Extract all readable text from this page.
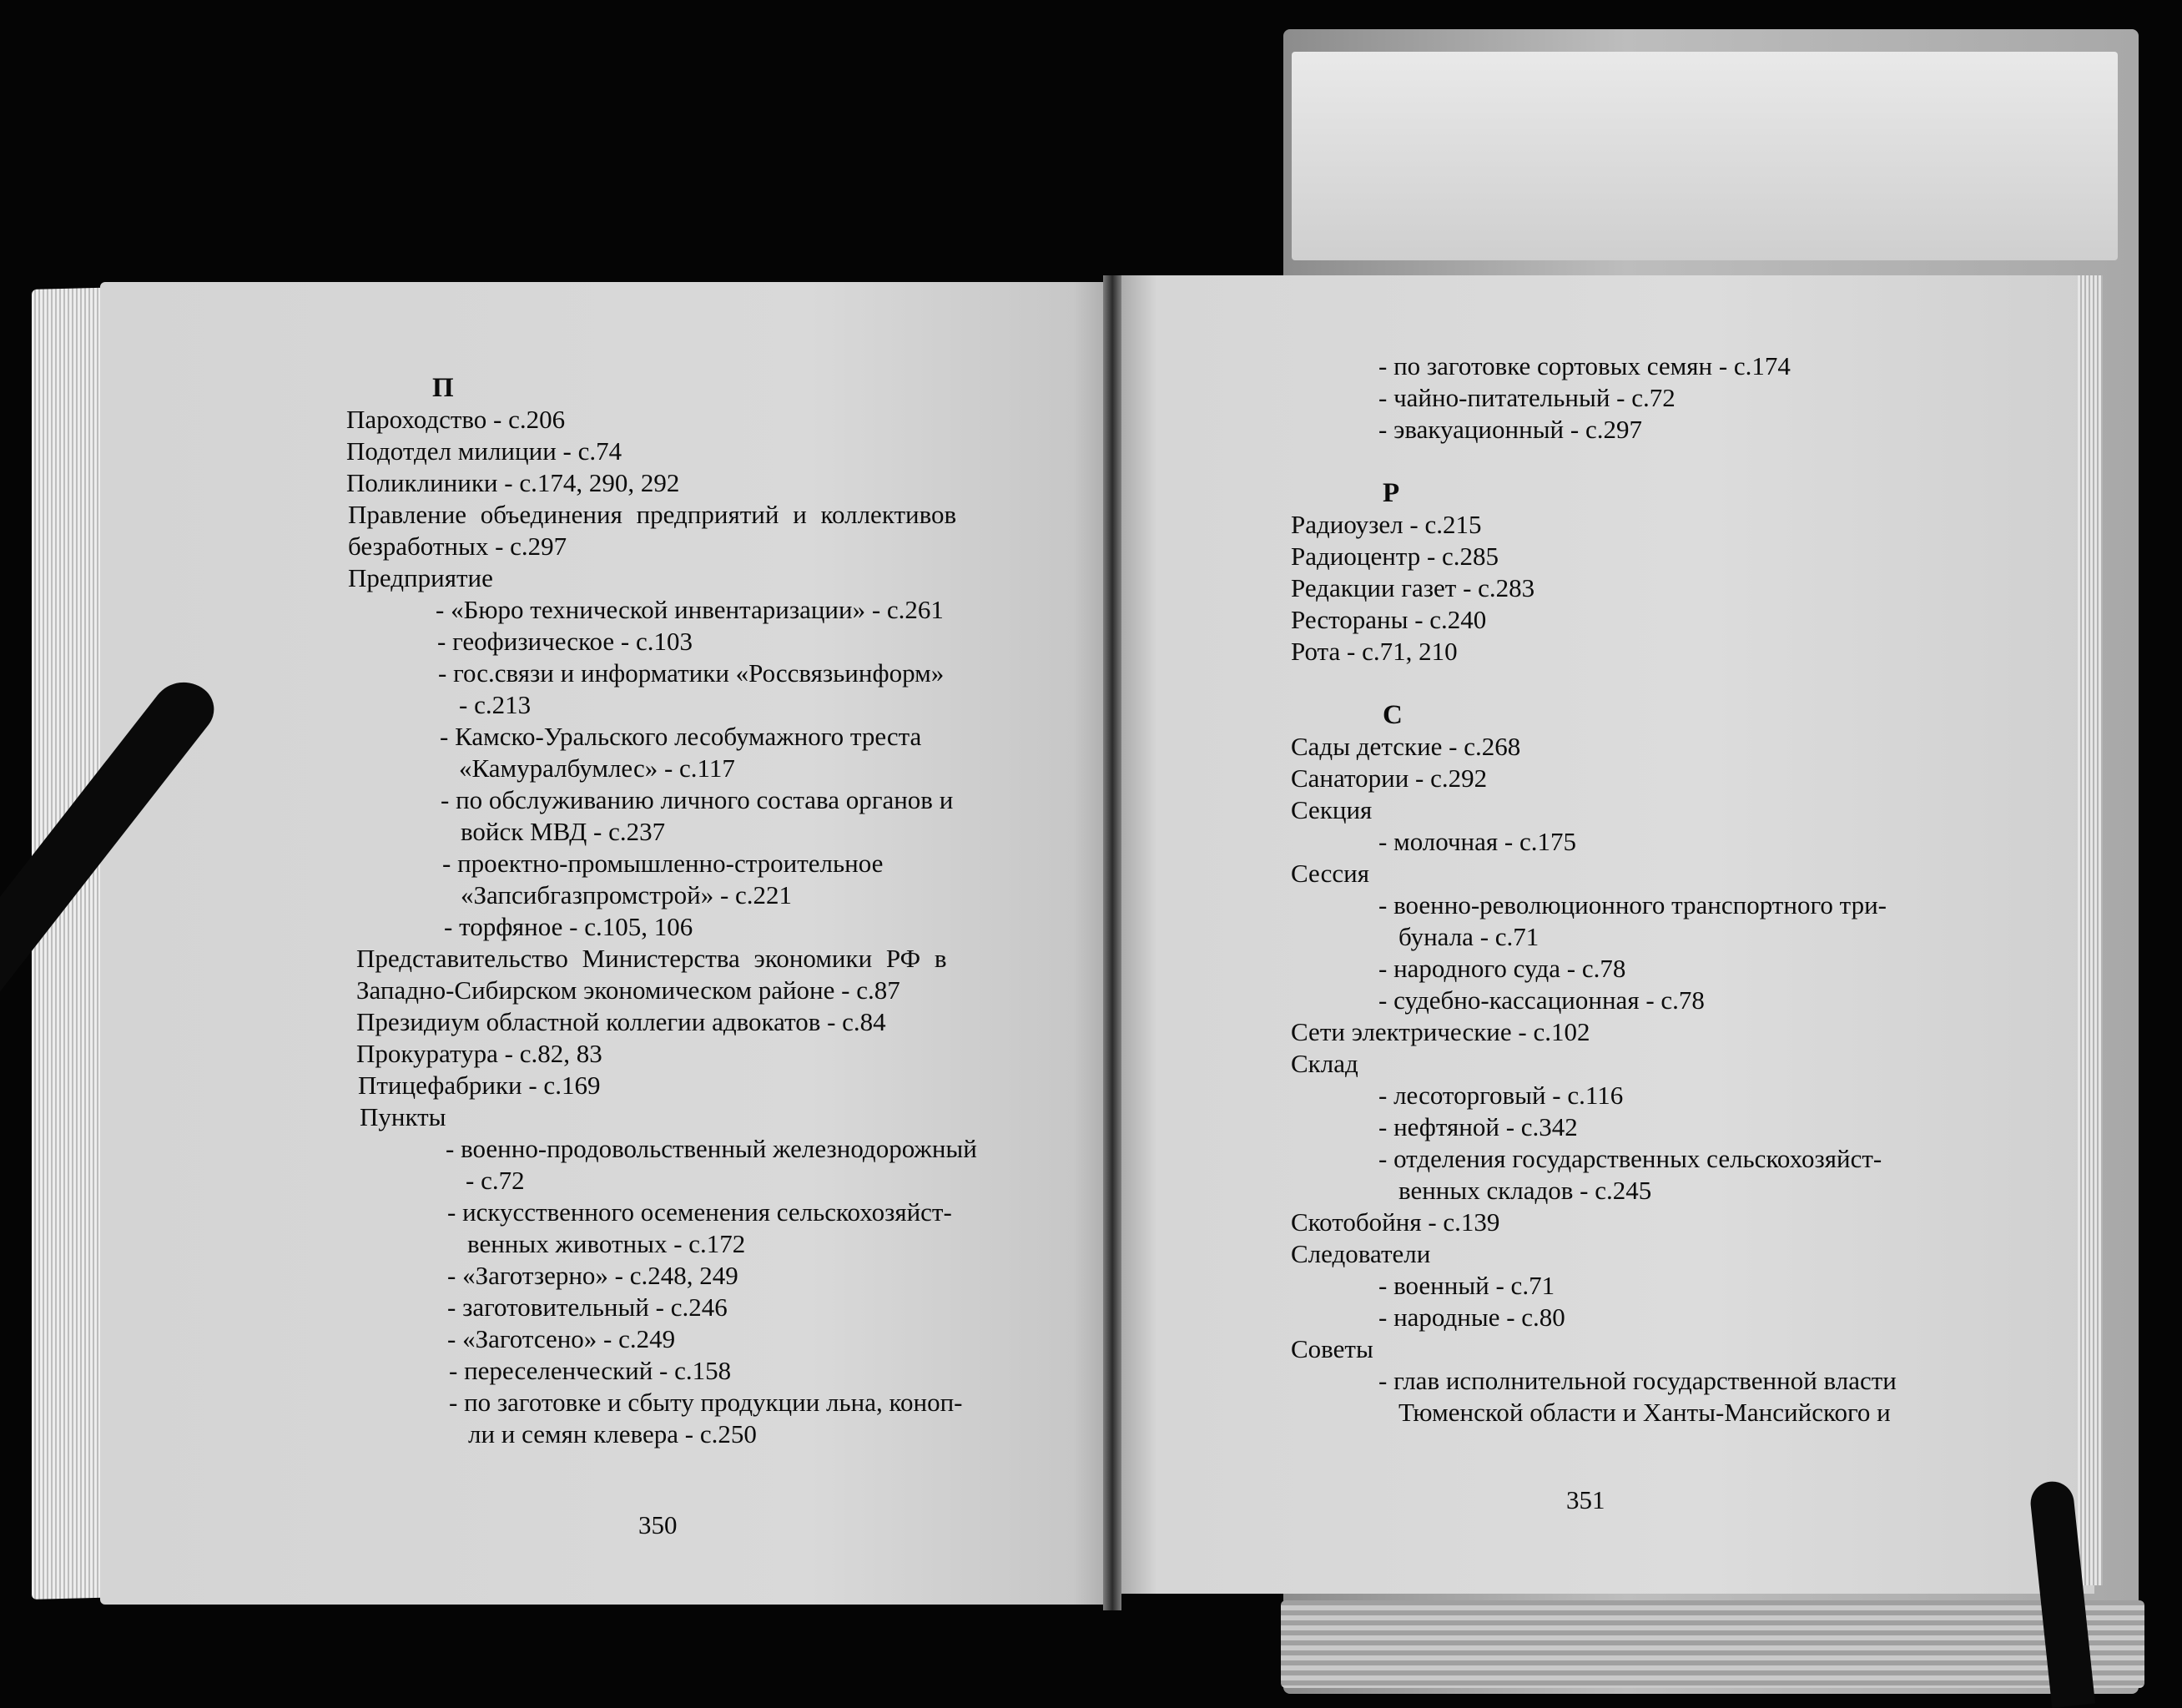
П
Пароходство - с.206
Подотдел милиции - с.74
Поликлиники - с.174, 290, 292
Правление объединения предприятий и коллективов
безработных - с.297
Предприятие
- «Бюро технической инвентаризации» - с.261
- геофизическое - с.103
- гос.связи и информатики «Россвязьинформ»
- с.213
- Камско-Уральского лесобумажного треста
«Камуралбумлес» - с.117
- по обслуживанию личного состава органов и
войск МВД - с.237
- проектно-промышленно-строительное
«Запсибгазпромстрой» - с.221
- торфяное - с.105, 106
Представительство Министерства экономики РФ в
Западно-Сибирском экономическом районе - с.87
Президиум областной коллегии адвокатов - с.84
Прокуратура - с.82, 83
Птицефабрики - с.169
Пункты
- военно-продовольственный железнодорожный
- с.72
- искусственного осеменения сельскохозяйст-
венных животных - с.172
- «Заготзерно» - с.248, 249
- заготовительный - с.246
- «Заготсено» - с.249
- переселенческий - с.158
- по заготовке и сбыту продукции льна, коноп-
ли и семян клевера - с.250
350
- по заготовке сортовых семян - с.174
- чайно-питательный - с.72
- эвакуационный - с.297
Р
Радиоузел - с.215
Радиоцентр - с.285
Редакции газет - с.283
Рестораны - с.240
Рота - с.71, 210
С
Сады детские - с.268
Санатории - с.292
Секция
- молочная - с.175
Сессия
- военно-революционного транспортного три-
бунала - с.71
- народного суда - с.78
- судебно-кассационная - с.78
Сети электрические - с.102
Склад
- лесоторговый - с.116
- нефтяной - с.342
- отделения государственных сельскохозяйст-
венных складов - с.245
Скотобойня - с.139
Следователи
- военный - с.71
- народные - с.80
Советы
- глав исполнительной государственной власти
Тюменской области и Ханты-Мансийского и
351
